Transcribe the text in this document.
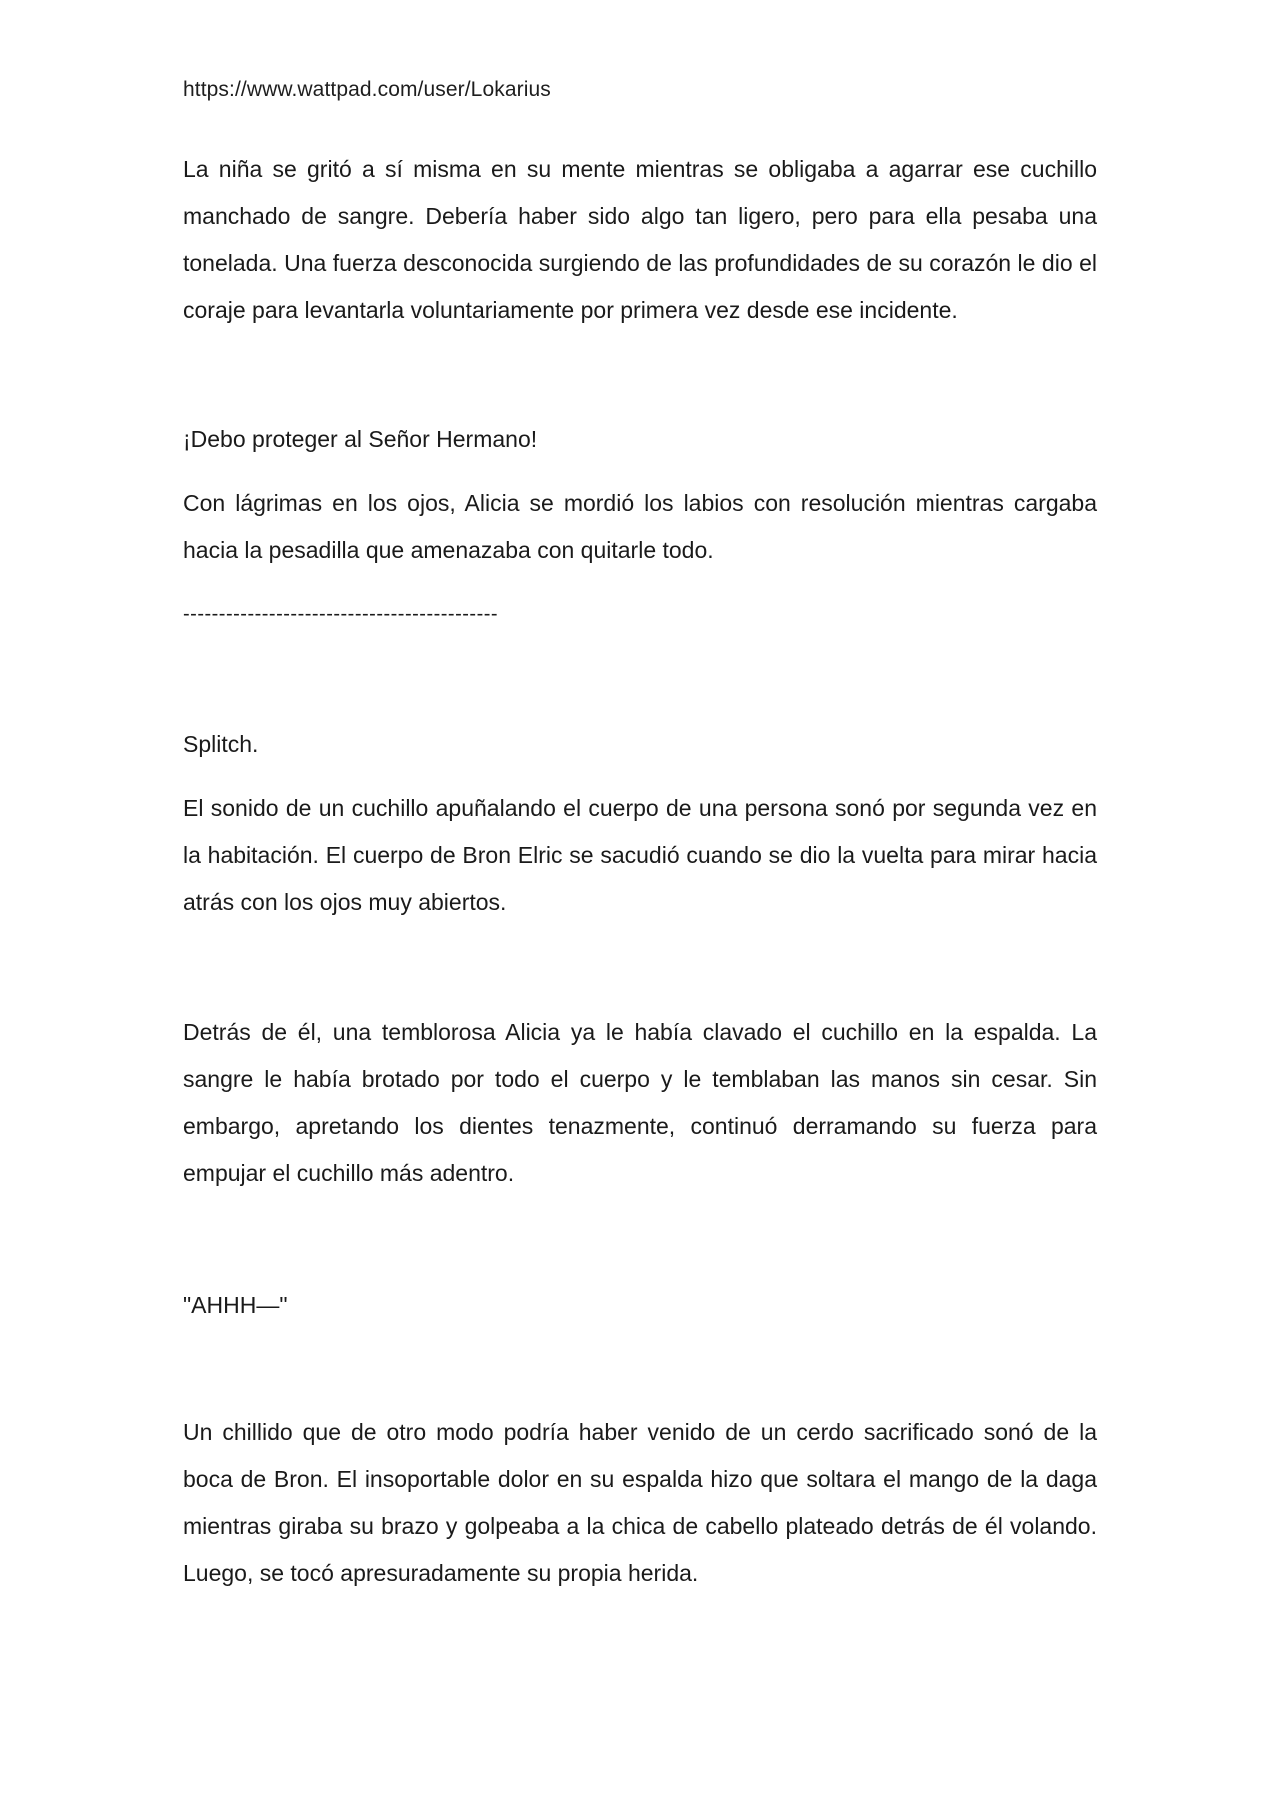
https://www.wattpad.com/user/Lokarius

La niña se gritó a sí misma en su mente mientras se obligaba a agarrar ese cuchillo manchado de sangre. Debería haber sido algo tan ligero, pero para ella pesaba una tonelada. Una fuerza desconocida surgiendo de las profundidades de su corazón le dio el coraje para levantarla voluntariamente por primera vez desde ese incidente.

¡Debo proteger al Señor Hermano!

Con lágrimas en los ojos, Alicia se mordió los labios con resolución mientras cargaba hacia la pesadilla que amenazaba con quitarle todo.

--------------------------------------------

Splitch.

El sonido de un cuchillo apuñalando el cuerpo de una persona sonó por segunda vez en la habitación. El cuerpo de Bron Elric se sacudió cuando se dio la vuelta para mirar hacia atrás con los ojos muy abiertos.

Detrás de él, una temblorosa Alicia ya le había clavado el cuchillo en la espalda. La sangre le había brotado por todo el cuerpo y le temblaban las manos sin cesar. Sin embargo, apretando los dientes tenazmente, continuó derramando su fuerza para empujar el cuchillo más adentro.

"AHHH—"

Un chillido que de otro modo podría haber venido de un cerdo sacrificado sonó de la boca de Bron. El insoportable dolor en su espalda hizo que soltara el mango de la daga mientras giraba su brazo y golpeaba a la chica de cabello plateado detrás de él volando. Luego, se tocó apresuradamente su propia herida.
